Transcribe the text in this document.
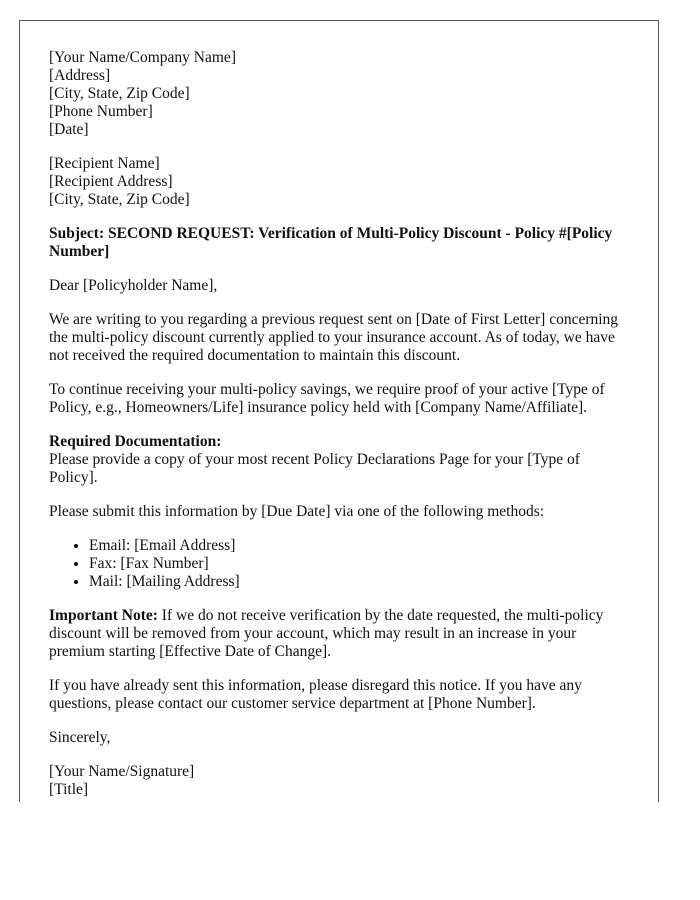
[Your Name/Company Name]
[Address]
[City, State, Zip Code]
[Phone Number]
[Date]
[Recipient Name]
[Recipient Address]
[City, State, Zip Code]

Subject: SECOND REQUEST: Verification of Multi-Policy Discount - Policy #[Policy Number]

Dear [Policyholder Name],

We are writing to you regarding a previous request sent on [Date of First Letter] concerning the multi-policy discount currently applied to your insurance account. As of today, we have not received the required documentation to maintain this discount.

To continue receiving your multi-policy savings, we require proof of your active [Type of Policy, e.g., Homeowners/Life] insurance policy held with [Company Name/Affiliate].

Required Documentation:
Please provide a copy of your most recent Policy Declarations Page for your [Type of Policy].

Please submit this information by [Due Date] via one of the following methods:

• Email: [Email Address]
• Fax: [Fax Number]
• Mail: [Mailing Address]

Important Note: If we do not receive verification by the date requested, the multi-policy discount will be removed from your account, which may result in an increase in your premium starting [Effective Date of Change].

If you have already sent this information, please disregard this notice. If you have any questions, please contact our customer service department at [Phone Number].

Sincerely,

[Your Name/Signature]
[Title]
